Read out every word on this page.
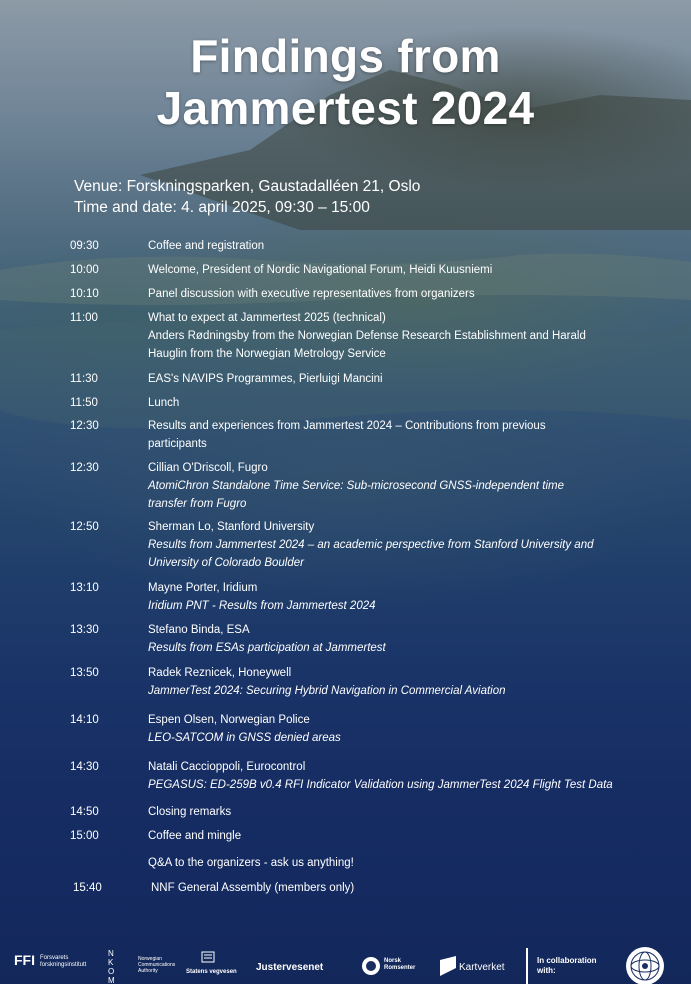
Findings from
Jammertest 2024
Venue: Forskningsparken, Gaustadalléen 21, Oslo
Time and date: 4. april 2025, 09:30 – 15:00
09:30	Coffee and registration
10:00	Welcome, President of Nordic Navigational Forum, Heidi Kuusniemi
10:10	Panel discussion with executive representatives from organizers
11:00	What to expect at Jammertest 2025 (technical)
Anders Rødningsby from the Norwegian Defense Research Establishment and Harald
Hauglin from the Norwegian Metrology Service
11:30	EAS's NAVIPS Programmes, Pierluigi Mancini
11:50	Lunch
12:30	Results and experiences from Jammertest 2024 – Contributions from previous
participants
12:30	Cillian O'Driscoll, Fugro
AtomiChron Standalone Time Service: Sub-microsecond GNSS-independent time
transfer from Fugro
12:50	Sherman Lo, Stanford University
Results from Jammertest 2024 – an academic perspective from Stanford University and
University of Colorado Boulder
13:10	Mayne Porter, Iridium
Iridium PNT - Results from Jammertest 2024
13:30	Stefano Binda, ESA
Results from ESAs participation at Jammertest
13:50	Radek Reznicek, Honeywell
JammerTest 2024: Securing Hybrid Navigation in Commercial Aviation
14:10	Espen Olsen, Norwegian Police
LEO-SATCOM in GNSS denied areas
14:30	Natali Caccioppoli, Eurocontrol
PEGASUS: ED-259B v0.4 RFI Indicator Validation using JammerTest 2024 Flight Test Data
14:50	Closing remarks
15:00	Coffee and mingle
Q&A to the organizers - ask us anything!
15:40	NNF General Assembly (members only)
FFI Forsvarets forskningsinstitutt
N K O M
Norwegian Communications Authority	Statens vegvesen Justervesenet
Norsk Romsenter	Kartverket
In collaboration
with:
